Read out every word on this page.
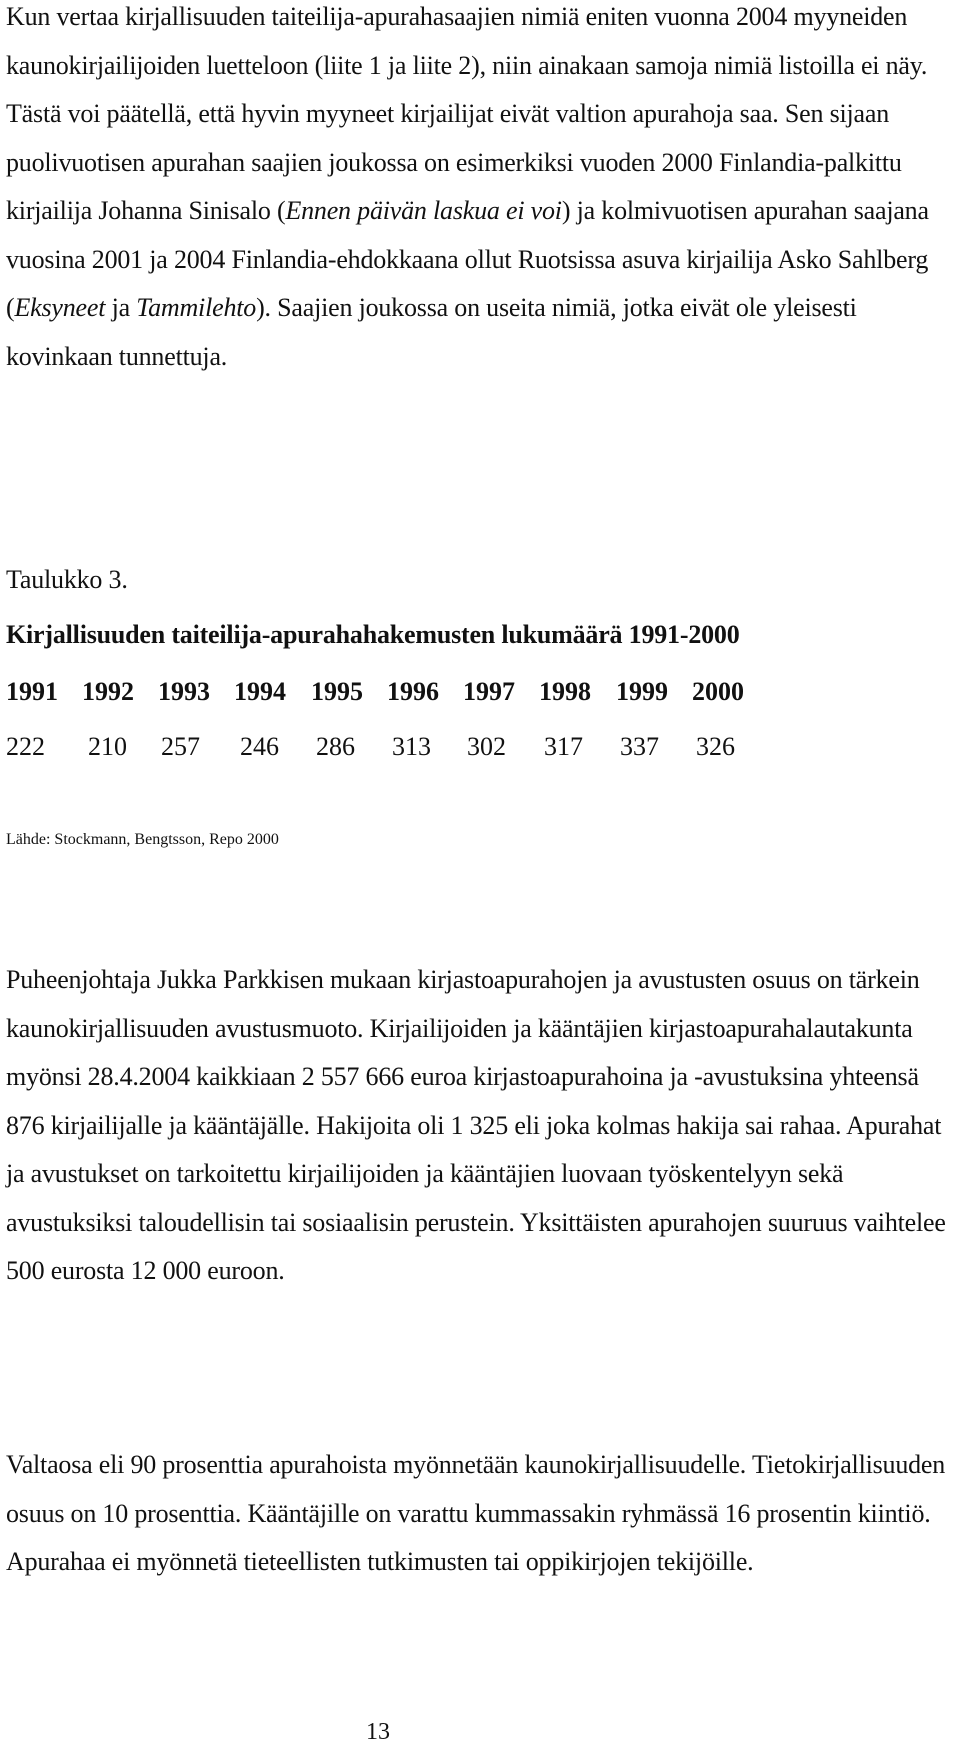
Kun vertaa kirjallisuuden taiteilija-apurahasaajien nimiä eniten vuonna 2004 myyneiden kaunokirjailijoiden luetteloon (liite 1 ja liite 2), niin ainakaan samoja nimiä listoilla ei näy. Tästä voi päätellä, että hyvin myyneet kirjailijat eivät valtion apurahoja saa. Sen sijaan puolivuotisen apurahan saajien joukossa on esimerkiksi vuoden 2000 Finlandia-palkittu kirjailija Johanna Sinisalo (Ennen päivän laskua ei voi) ja kolmivuotisen apurahan saajana vuosina 2001 ja 2004 Finlandia-ehdokkaana ollut Ruotsissa asuva kirjailija Asko Sahlberg (Eksyneet ja Tammilehto). Saajien joukossa on useita nimiä, jotka eivät ole yleisesti kovinkaan tunnettuja.

Taulukko 3.
Kirjallisuuden taiteilija-apurahahakemusten lukumäärä 1991-2000
1991 1992 1993 1994 1995 1996 1997 1998 1999 2000
222 210 257 246 286 313 302 317 337 326
Lähde: Stockmann, Bengtsson, Repo 2000

Puheenjohtaja Jukka Parkkisen mukaan kirjastoapurahojen ja avustusten osuus on tärkein kaunokirjallisuuden avustusmuoto. Kirjailijoiden ja kääntäjien kirjastoapurahalautakunta myönsi 28.4.2004 kaikkiaan 2 557 666 euroa kirjastoapurahoina ja -avustuksina yhteensä 876 kirjailijalle ja kääntäjälle. Hakijoita oli 1 325 eli joka kolmas hakija sai rahaa. Apurahat ja avustukset on tarkoitettu kirjailijoiden ja kääntäjien luovaan työskentelyyn sekä avustuksiksi taloudellisin tai sosiaalisin perustein. Yksittäisten apurahojen suuruus vaihtelee 500 eurosta 12 000 euroon.

Valtaosa eli 90 prosenttia apurahoista myönnetään kaunokirjallisuudelle. Tietokirjallisuuden osuus on 10 prosenttia. Kääntäjille on varattu kummassakin ryhmässä 16 prosentin kiintiö. Apurahaa ei myönnetä tieteellisten tutkimusten tai oppikirjojen tekijöille.

13
